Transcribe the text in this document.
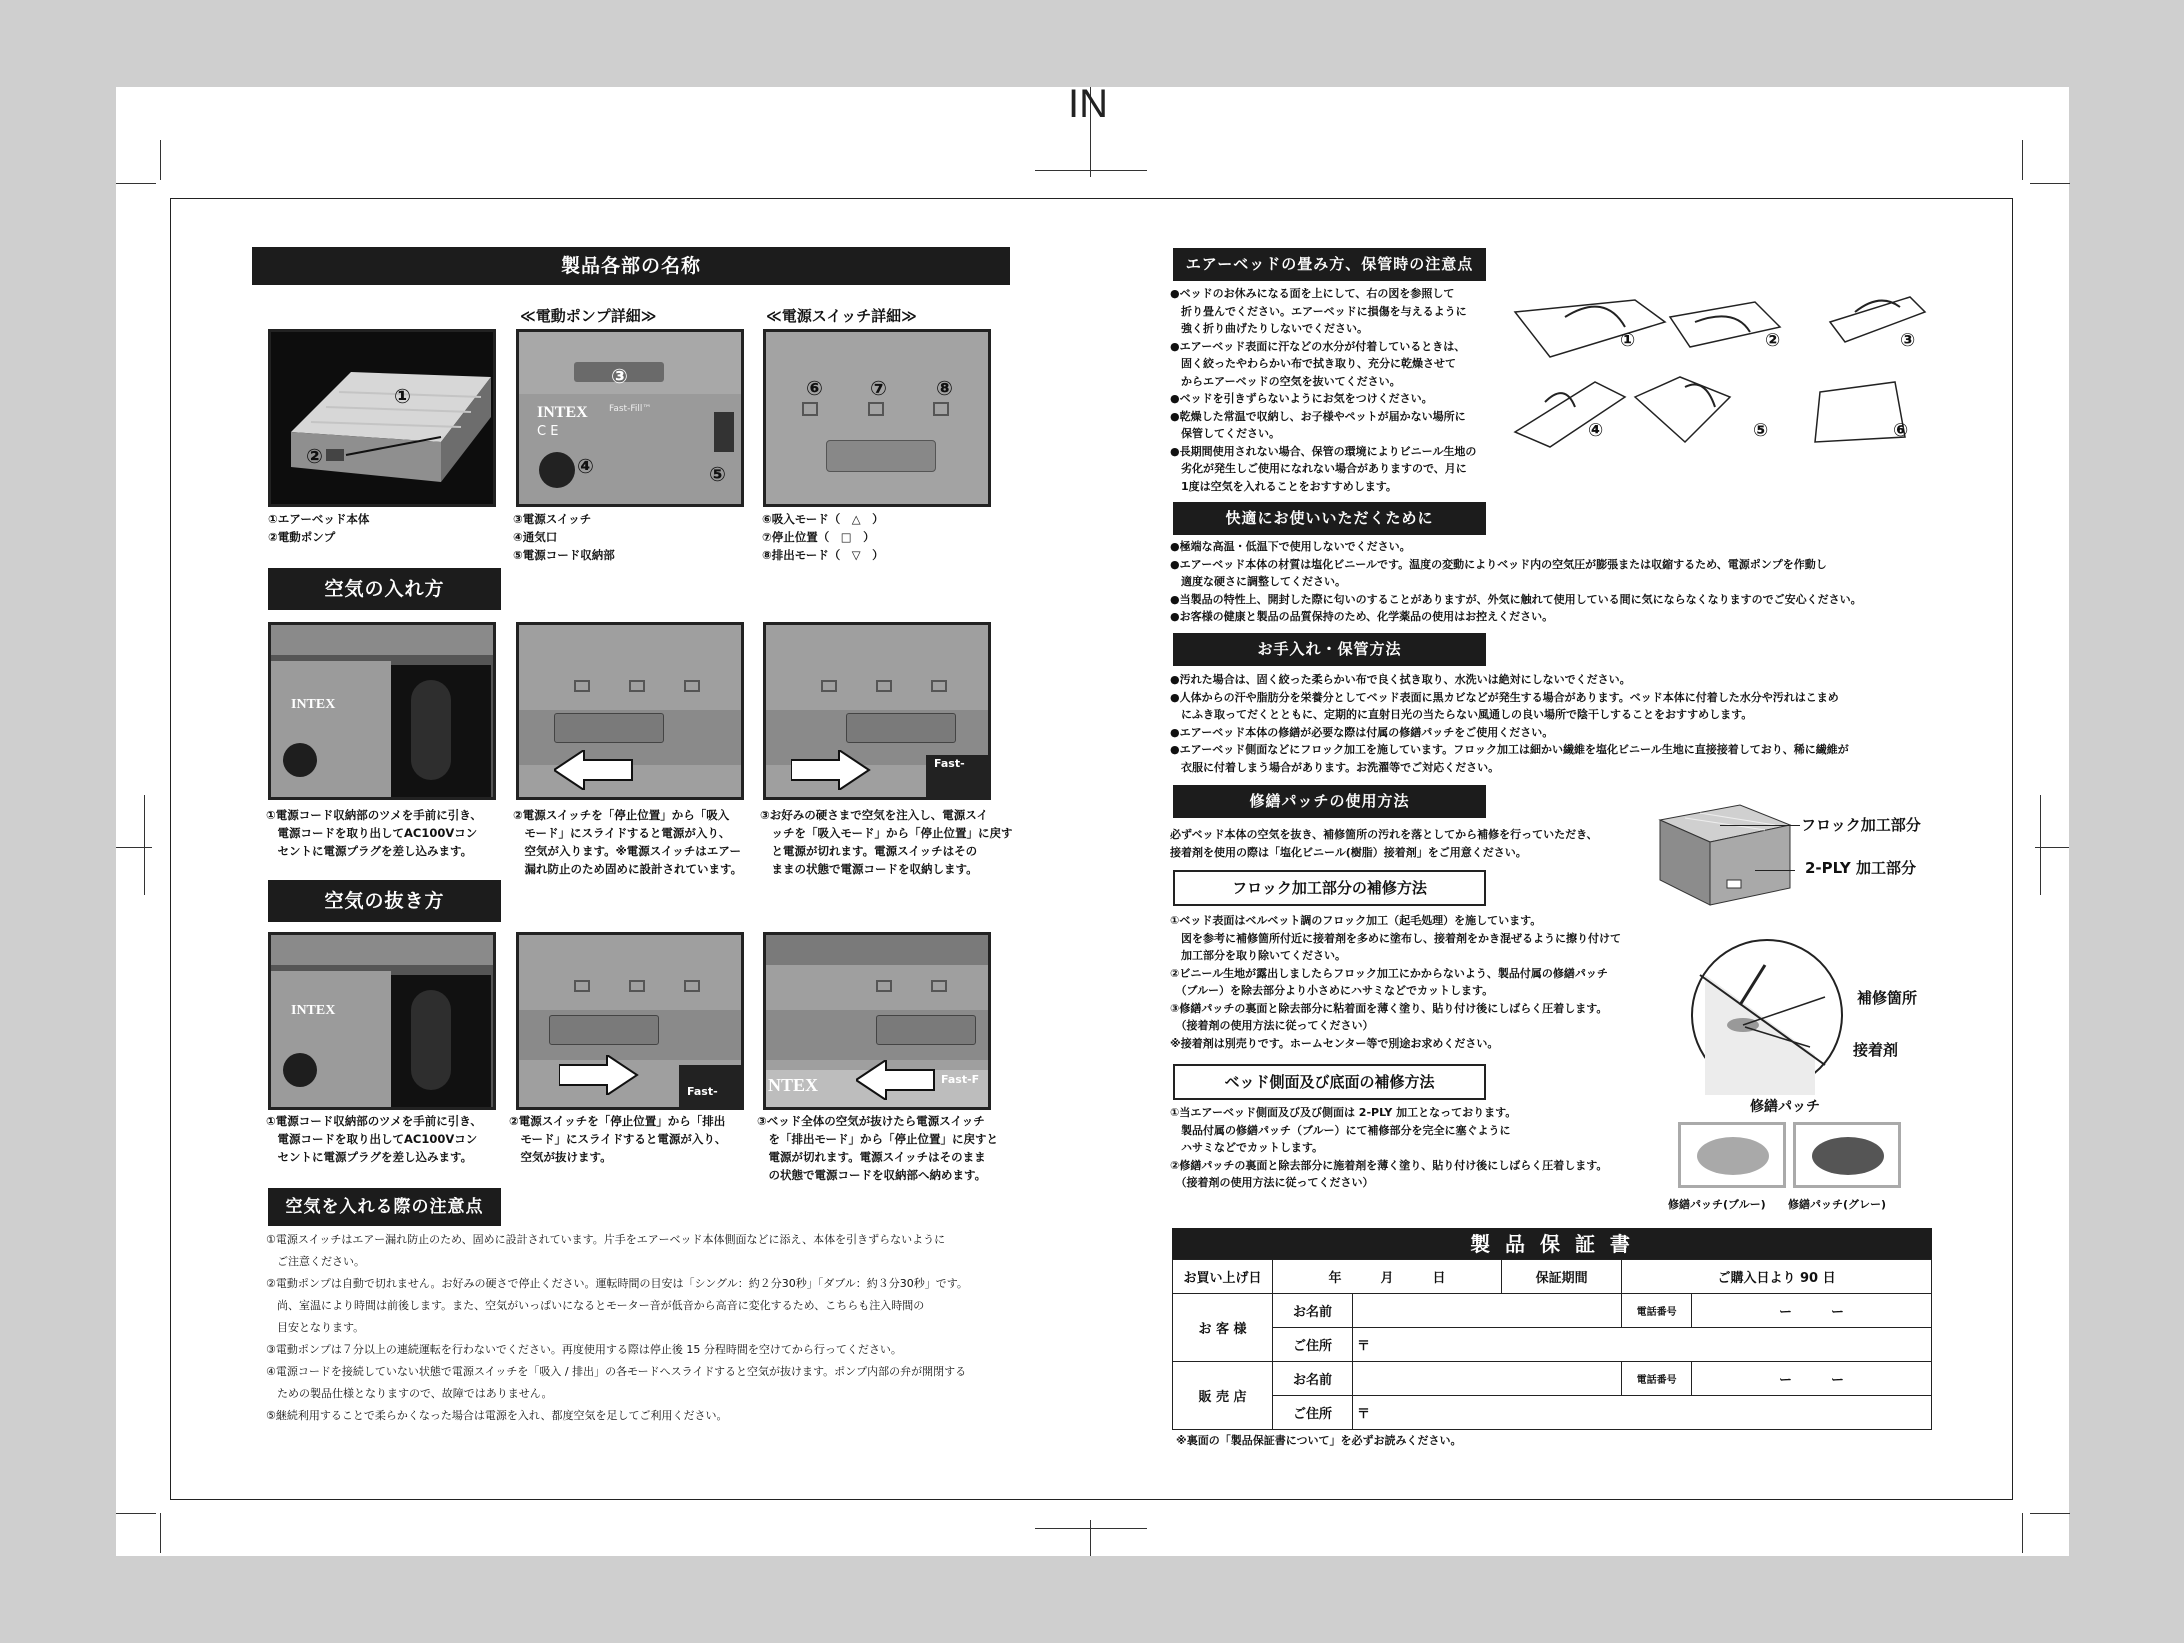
IN
製品各部の名称
≪電動ポンプ詳細≫	≪電源スイッチ詳細≫
①
②
INTEX Fast-Fill™
C E
④
③
⑤
⑥ ⑦ ⑧
①エアーベッド本体
②電動ポンプ
③電源スイッチ
④通気口
⑤電源コード収納部
⑥吸入モード（　△　）
⑦停止位置（　□　）
⑧排出モード（　▽　）
空気の入れ方
INTEX
Fast-
①電源コード収納部のツメを手前に引き、
　電源コードを取り出してAC100Vコン
　セントに電源プラグを差し込みます。
②電源スイッチを「停止位置」から「吸入
　モード」にスライドすると電源が入り、
　空気が入ります。※電源スイッチはエアー
　漏れ防止のため固めに設計されています。
③お好みの硬さまで空気を注入し、電源スイ
　ッチを「吸入モード」から「停止位置」に戻す
　と電源が切れます。電源スイッチはその
　ままの状態で電源コードを収納します。
空気の抜き方
INTEX
Fast-	NTEX	Fast-F
①電源コード収納部のツメを手前に引き、
　電源コードを取り出してAC100Vコン
　セントに電源プラグを差し込みます。
②電源スイッチを「停止位置」から「排出
　モード」にスライドすると電源が入り、
　空気が抜けます。
③ベッド全体の空気が抜けたら電源スイッチ
　を「排出モード」から「停止位置」に戻すと
　電源が切れます。電源スイッチはそのまま
　の状態で電源コードを収納部へ納めます。
空気を入れる際の注意点
①電源スイッチはエアー漏れ防止のため、固めに設計されています。片手をエアーベッド本体側面などに添え、本体を引きずらないように
　ご注意ください。
②電動ポンプは自動で切れません。お好みの硬さで停止ください。運転時間の目安は「シングル：約２分30秒」「ダブル：約３分30秒」です。
　尚、室温により時間は前後します。また、空気がいっぱいになるとモーター音が低音から高音に変化するため、こちらも注入時間の
　目安となります。
③電動ポンプは７分以上の連続運転を行わないでください。再度使用する際は停止後 15 分程時間を空けてから行ってください。
④電源コードを接続していない状態で電源スイッチを「吸入 / 排出」の各モードへスライドすると空気が抜けます。ポンプ内部の弁が開閉する
　ための製品仕様となりますので、故障ではありません。
⑤継続利用することで柔らかくなった場合は電源を入れ、都度空気を足してご利用ください。
エアーベッドの畳み方、保管時の注意点
●ベッドのお休みになる面を上にして、右の図を参照して
　折り畳んでください。エアーベッドに損傷を与えるように
　強く折り曲げたりしないでください。
●エアーベッド表面に汗などの水分が付着しているときは、
　固く絞ったやわらかい布で拭き取り、充分に乾燥させて
　からエアーベッドの空気を抜いてください。
●ベッドを引きずらないようにお気をつけください。
●乾燥した常温で収納し、お子様やペットが届かない場所に
　保管してください。
●長期間使用されない場合、保管の環境によりビニール生地の
　劣化が発生しご使用になれない場合がありますので、月に
　1度は空気を入れることをおすすめします。
①	②	③
④	⑤	⑥
快適にお使いいただくために
●極端な高温・低温下で使用しないでください。
●エアーベッド本体の材質は塩化ビニールです。温度の変動によりベッド内の空気圧が膨張または収縮するため、電源ポンプを作動し
　適度な硬さに調整してください。
●当製品の特性上、開封した際に匂いのすることがありますが、外気に触れて使用している間に気にならなくなりますのでご安心ください。
●お客様の健康と製品の品質保持のため、化学薬品の使用はお控えください。
お手入れ・保管方法
●汚れた場合は、固く絞った柔らかい布で良く拭き取り、水洗いは絶対にしないでください。
●人体からの汗や脂肪分を栄養分としてベッド表面に黒カビなどが発生する場合があります。ベッド本体に付着した水分や汚れはこまめ
　にふき取ってだくとともに、定期的に直射日光の当たらない風通しの良い場所で陰干しすることをおすすめします。
●エアーベッド本体の修繕が必要な際は付属の修繕パッチをご使用ください。
●エアーベッド側面などにフロック加工を施しています。フロック加工は細かい繊維を塩化ビニール生地に直接接着しており、稀に繊維が
　衣服に付着しまう場合があります。お洗濯等でご対応ください。
修繕パッチの使用方法
必ずベッド本体の空気を抜き、補修箇所の汚れを落としてから補修を行っていただき、
接着剤を使用の際は「塩化ビニール(樹脂）接着剤」をご用意ください。
フロック加工部分の補修方法
①ベッド表面はベルベット調のフロック加工（起毛処理）を施しています。
　図を参考に補修箇所付近に接着剤を多めに塗布し、接着剤をかき混ぜるように擦り付けて
　加工部分を取り除いてください。
②ビニール生地が露出しましたらフロック加工にかからないよう、製品付属の修繕パッチ
　（ブルー）を除去部分より小さめにハサミなどでカットします。
③修繕パッチの裏面と除去部分に粘着面を薄く塗り、貼り付け後にしばらく圧着します。
　（接着剤の使用方法に従ってください）
※接着剤は別売りです。ホームセンター等で別途お求めください。
ベッド側面及び底面の補修方法
①当エアーベッド側面及び及び側面は 2-PLY 加工となっております。
　製品付属の修繕パッチ（ブルー）にて補修部分を完全に塞ぐように
　ハサミなどでカットします。
②修繕パッチの裏面と除去部分に施着剤を薄く塗り、貼り付け後にしばらく圧着します。
　（接着剤の使用方法に従ってください）
フロック加工部分
2-PLY 加工部分
補修箇所
接着剤
修繕パッチ
修繕パッチ(ブルー) 修繕パッチ(グレー)
製 品 保 証 書
お買い上げ日	年　　　月　　　日		保証期間	ご購入日より 90 日	
お 客 様	お名前			電話番号	ー　　　ー
	ご住所	〒			
販 売 店	お名前			電話番号	ー　　　ー
	ご住所	〒			
※裏面の「製品保証書について」を必ずお読みください。
